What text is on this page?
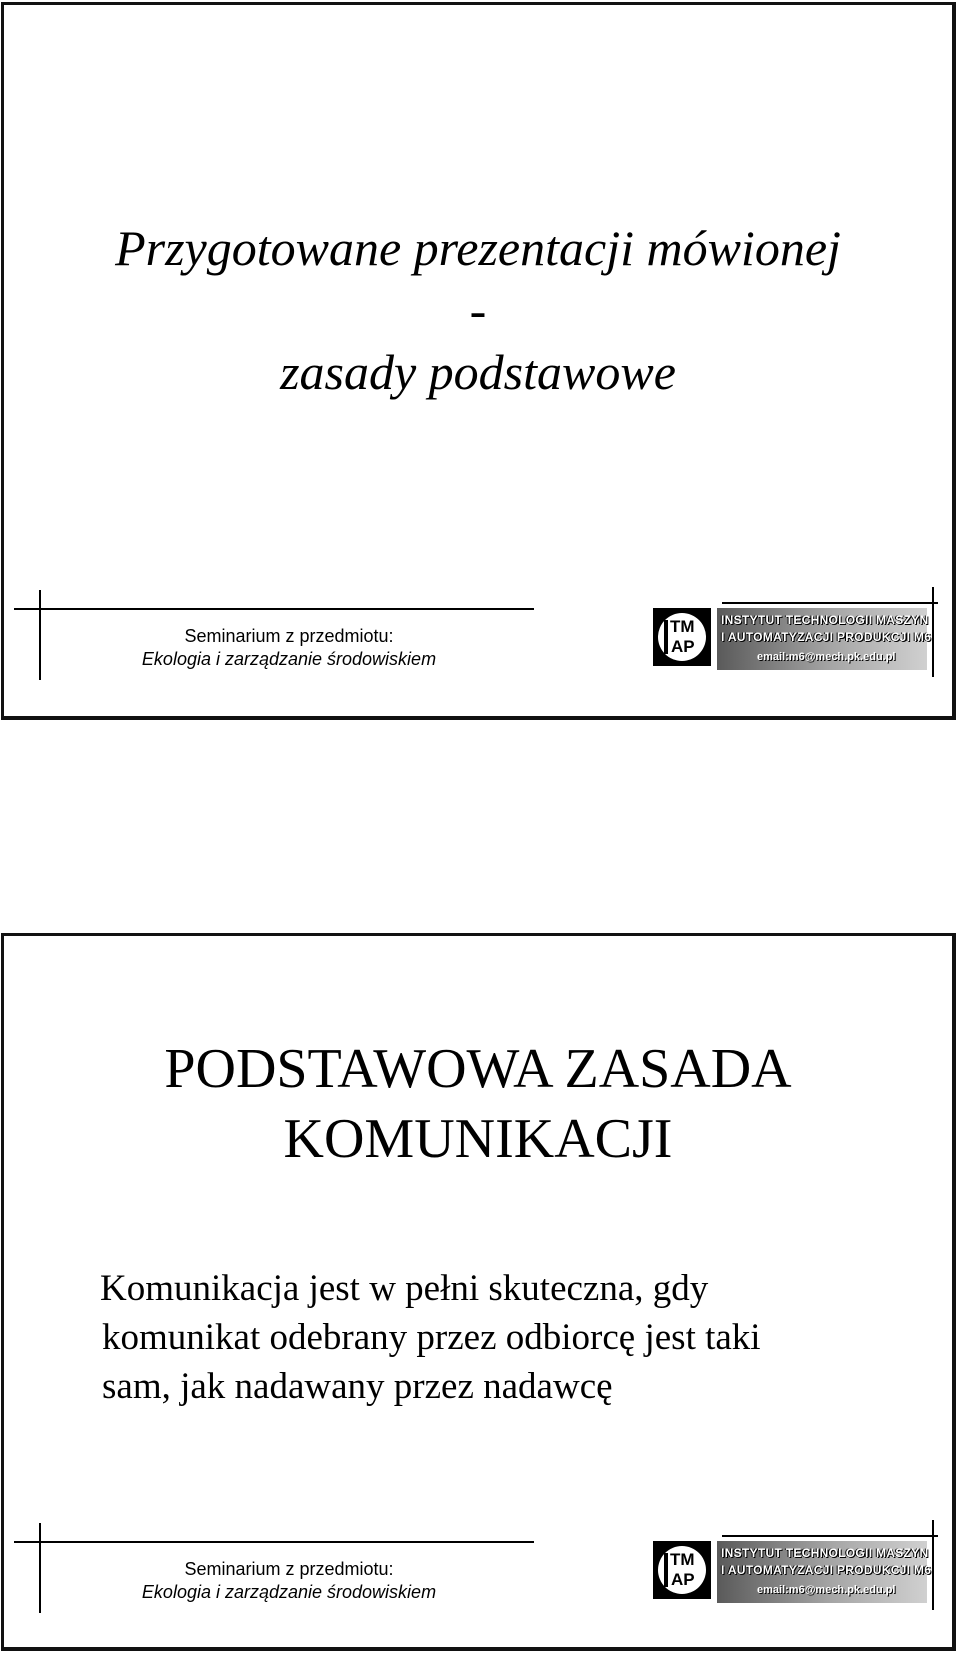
Przygotowane prezentacji mówionej
-
zasady podstawowe
Seminarium z przedmiotu:
Ekologia i zarządzanie środowiskiem
TM
AP
INSTYTUT TECHNOLOGII MASZYN
I AUTOMATYZACJI PRODUKCJI M6
email:m6@mech.pk.edu.pl
PODSTAWOWA ZASADA
KOMUNIKACJI
Komunikacja jest w pełni skuteczna, gdy
komunikat odebrany przez odbiorcę jest taki
sam, jak nadawany przez nadawcę
Seminarium z przedmiotu:
Ekologia i zarządzanie środowiskiem
TM
AP
INSTYTUT TECHNOLOGII MASZYN
I AUTOMATYZACJI PRODUKCJI M6
email:m6@mech.pk.edu.pl
